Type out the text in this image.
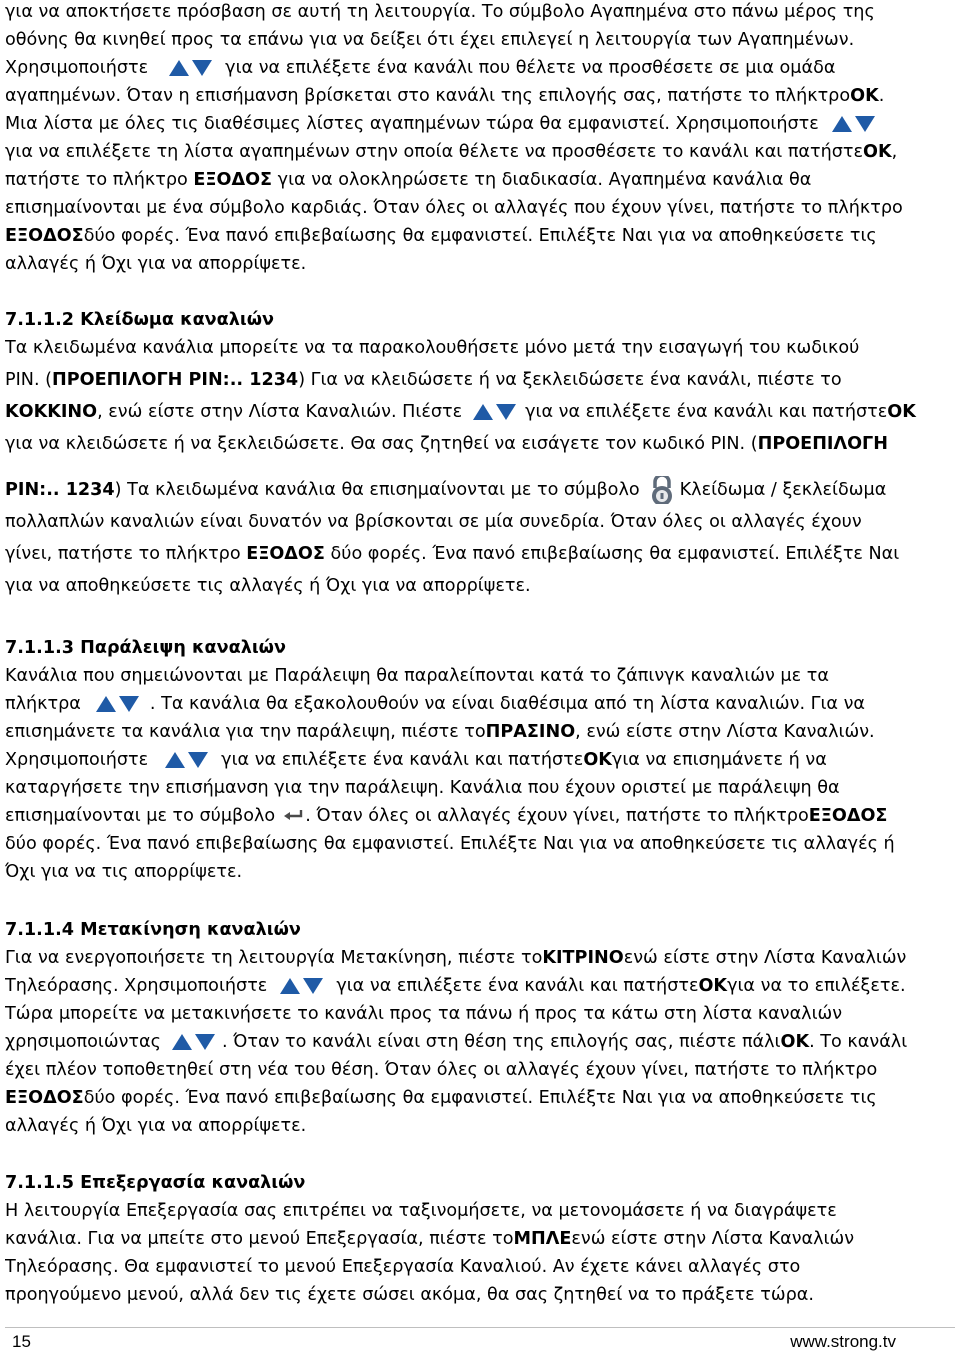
για να αποκτήσετε πρόσβαση σε αυτή τη λειτουργία. Το σύμβολο Αγαπημένα στο πάνω μέρος της
οθόνης θα κινηθεί προς τα επάνω για να δείξει ότι έχει επιλεγεί η λειτουργία των Αγαπημένων.
Χρησιμοποιήστε	για να επιλέξετε ένα κανάλι που θέλετε να προσθέσετε σε μια ομάδα
αγαπημένων. Όταν η επισήμανση βρίσκεται στο κανάλι της επιλογής σας, πατήστε το πλήκτρο OK .
Μια λίστα με όλες τις διαθέσιμες λίστες αγαπημένων τώρα θα εμφανιστεί. Χρησιμοποιήστε
για να επιλέξετε τη λίστα αγαπημένων στην οποία θέλετε να προσθέσετε το κανάλι και πατήστε OK ,
πατήστε το πλήκτρο ΕΞΟΔΟΣ για να ολοκληρώσετε τη διαδικασία. Αγαπημένα κανάλια θα
επισημαίνονται με ένα σύμβολο καρδιάς. Όταν όλες οι αλλαγές που έχουν γίνει, πατήστε το πλήκτρο
ΕΞΟΔΟΣ δύο φορές. Ένα πανό επιβεβαίωσης θα εμφανιστεί. Επιλέξτε Ναι για να αποθηκεύσετε τις
αλλαγές ή Όχι για να απορρίψετε.
7.1.1.2 Κλείδωμα καναλιών
Τα κλειδωμένα κανάλια μπορείτε να τα παρακολουθήσετε μόνο μετά την εισαγωγή του κωδικού
PIN. ( ΠΡΟΕΠΙΛΟΓΗ PIN:.. 1234 ) Για να κλειδώσετε ή να ξεκλειδώσετε ένα κανάλι, πιέστε το
ΚΟΚΚΙΝΟ , ενώ είστε στην Λίστα Καναλιών. Πιέστε	για να επιλέξετε ένα κανάλι και πατήστε OK
για να κλειδώσετε ή να ξεκλειδώσετε. Θα σας ζητηθεί να εισάγετε τον κωδικό PIN. ( ΠΡΟΕΠΙΛΟΓΗ
PIN:.. 1234 ) Τα κλειδωμένα κανάλια θα επισημαίνονται με το σύμβολο Κλείδωμα / ξεκλείδωμα
πολλαπλών καναλιών είναι δυνατόν να βρίσκονται σε μία συνεδρία. Όταν όλες οι αλλαγές έχουν
γίνει, πατήστε το πλήκτρο ΕΞΟΔΟΣ δύο φορές. Ένα πανό επιβεβαίωσης θα εμφανιστεί. Επιλέξτε Ναι
για να αποθηκεύσετε τις αλλαγές ή Όχι για να απορρίψετε.
7.1.1.3 Παράλειψη καναλιών
Κανάλια που σημειώνονται με Παράλειψη θα παραλείπονται κατά το ζάπινγκ καναλιών με τα
πλήκτρα	. Τα κανάλια θα εξακολουθούν να είναι διαθέσιμα από τη λίστα καναλιών. Για να
επισημάνετε τα κανάλια για την παράλειψη, πιέστε το ΠΡΑΣΙΝΟ , ενώ είστε στην Λίστα Καναλιών.
Χρησιμοποιήστε	για να επιλέξετε ένα κανάλι και πατήστε OK για να επισημάνετε ή να
καταργήσετε την επισήμανση για την παράλειψη. Κανάλια που έχουν οριστεί με παράλειψη θα
επισημαίνονται με το σύμβολο . Όταν όλες οι αλλαγές έχουν γίνει, πατήστε το πλήκτρο ΕΞΟΔΟΣ
δύο φορές. Ένα πανό επιβεβαίωσης θα εμφανιστεί. Επιλέξτε Ναι για να αποθηκεύσετε τις αλλαγές ή
Όχι για να τις απορρίψετε.
7.1.1.4 Μετακίνηση καναλιών
Για να ενεργοποιήσετε τη λειτουργία Μετακίνηση, πιέστε το ΚΙΤΡΙΝΟ ενώ είστε στην Λίστα Καναλιών
Τηλεόρασης. Χρησιμοποιήστε	για να επιλέξετε ένα κανάλι και πατήστε OK για να το επιλέξετε.
Τώρα μπορείτε να μετακινήσετε το κανάλι προς τα πάνω ή προς τα κάτω στη λίστα καναλιών
χρησιμοποιώντας	. Όταν το κανάλι είναι στη θέση της επιλογής σας, πιέστε πάλι OK . Το κανάλι
έχει πλέον τοποθετηθεί στη νέα του θέση. Όταν όλες οι αλλαγές έχουν γίνει, πατήστε το πλήκτρο
ΕΞΟΔΟΣ δύο φορές. Ένα πανό επιβεβαίωσης θα εμφανιστεί. Επιλέξτε Ναι για να αποθηκεύσετε τις
αλλαγές ή Όχι για να απορρίψετε.
7.1.1.5 Επεξεργασία καναλιών
Η λειτουργία Επεξεργασία σας επιτρέπει να ταξινομήσετε, να μετονομάσετε ή να διαγράψετε
κανάλια. Για να μπείτε στο μενού Επεξεργασία, πιέστε το ΜΠΛΕ ενώ είστε στην Λίστα Καναλιών
Τηλεόρασης. Θα εμφανιστεί το μενού Επεξεργασία Καναλιού. Αν έχετε κάνει αλλαγές στο
προηγούμενο μενού, αλλά δεν τις έχετε σώσει ακόμα, θα σας ζητηθεί να το πράξετε τώρα.
15	www.strong.tv
